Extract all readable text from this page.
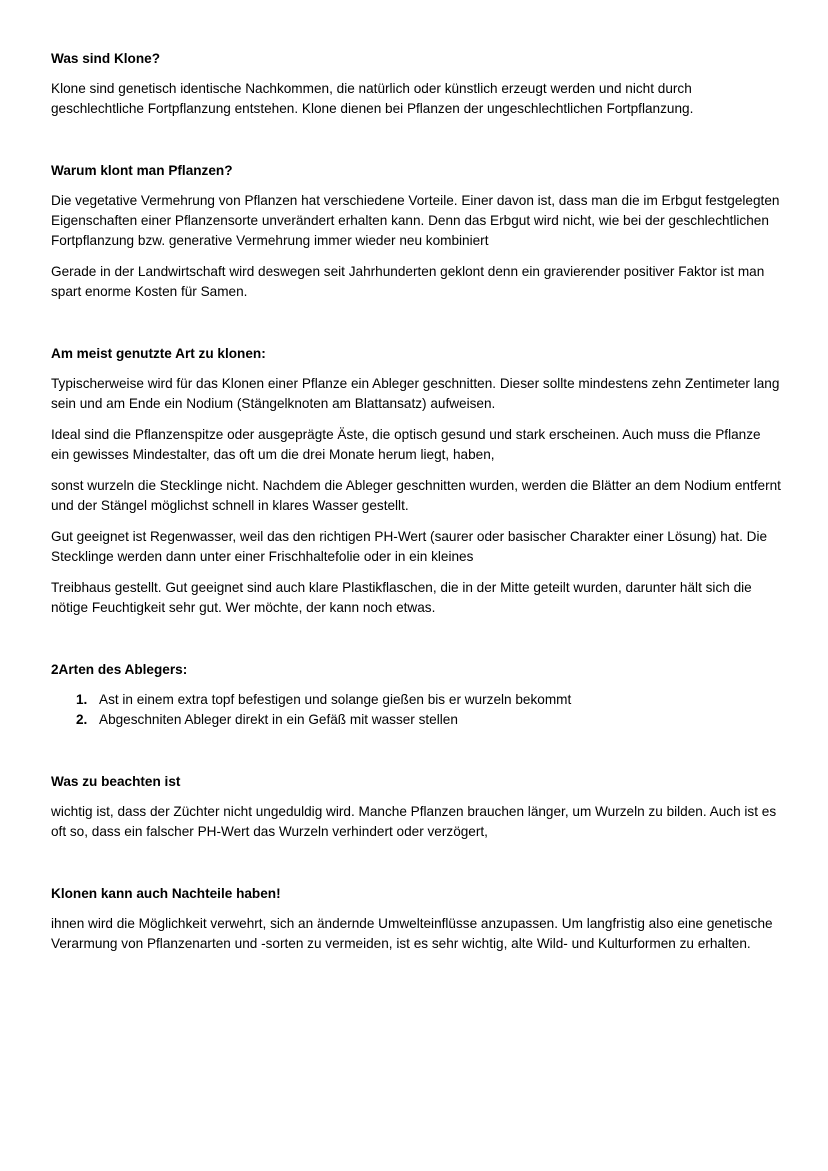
Was sind Klone?

Klone sind genetisch identische Nachkommen, die natürlich oder künstlich erzeugt werden und nicht durch geschlechtliche Fortpflanzung entstehen. Klone dienen bei Pflanzen der ungeschlechtlichen Fortpflanzung.

Warum klont man Pflanzen?

Die vegetative Vermehrung von Pflanzen hat verschiedene Vorteile. Einer davon ist, dass man die im Erbgut festgelegten Eigenschaften einer Pflanzensorte unverändert erhalten kann. Denn das Erbgut wird nicht, wie bei der geschlechtlichen Fortpflanzung bzw. generative Vermehrung immer wieder neu kombiniert

Gerade in der Landwirtschaft wird deswegen seit Jahrhunderten geklont denn ein gravierender positiver Faktor ist man spart enorme Kosten für Samen.

Am meist genutzte Art zu klonen:

Typischerweise wird für das Klonen einer Pflanze ein Ableger geschnitten. Dieser sollte mindestens zehn Zentimeter lang sein und am Ende ein Nodium (Stängelknoten am Blattansatz) aufweisen.

Ideal sind die Pflanzenspitze oder ausgeprägte Äste, die optisch gesund und stark erscheinen. Auch muss die Pflanze ein gewisses Mindestalter, das oft um die drei Monate herum liegt, haben,

sonst wurzeln die Stecklinge nicht. Nachdem die Ableger geschnitten wurden, werden die Blätter an dem Nodium entfernt und der Stängel möglichst schnell in klares Wasser gestellt.

Gut geeignet ist Regenwasser, weil das den richtigen PH-Wert (saurer oder basischer Charakter einer Lösung) hat. Die Stecklinge werden dann unter einer Frischhaltefolie oder in ein kleines

Treibhaus gestellt. Gut geeignet sind auch klare Plastikflaschen, die in der Mitte geteilt wurden, darunter hält sich die nötige Feuchtigkeit sehr gut. Wer möchte, der kann noch etwas.

2Arten des Ablegers:

1. Ast in einem extra topf befestigen und solange gießen bis er wurzeln bekommt
2. Abgeschniten Ableger direkt in ein Gefäß mit wasser stellen

Was zu beachten ist

wichtig ist, dass der Züchter nicht ungeduldig wird. Manche Pflanzen brauchen länger, um Wurzeln zu bilden. Auch ist es oft so, dass ein falscher PH-Wert das Wurzeln verhindert oder verzögert,

Klonen kann auch Nachteile haben!

ihnen wird die Möglichkeit verwehrt, sich an ändernde Umwelteinflüsse anzupassen. Um langfristig also eine genetische Verarmung von Pflanzenarten und -sorten zu vermeiden, ist es sehr wichtig, alte Wild- und Kulturformen zu erhalten.
